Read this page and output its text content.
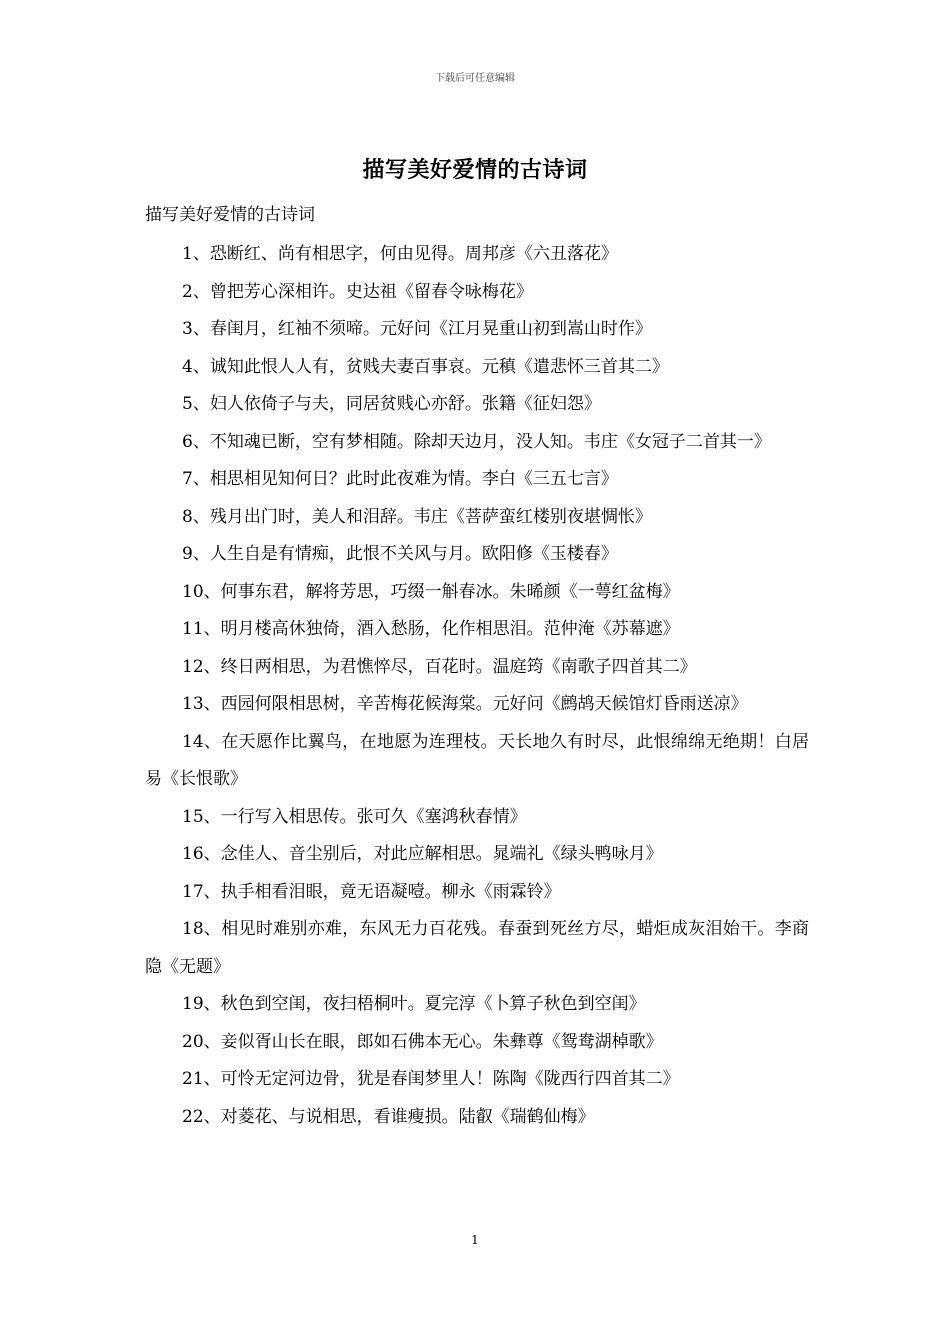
下载后可任意编辑
描写美好爱情的古诗词
描写美好爱情的古诗词
1、恐断红、尚有相思字，何由见得。周邦彦《六丑落花》
2、曾把芳心深相许。史达祖《留春令咏梅花》
3、春闺月，红袖不须啼。元好问《江月晃重山初到嵩山时作》
4、诚知此恨人人有，贫贱夫妻百事哀。元稹《遣悲怀三首其二》
5、妇人依倚子与夫，同居贫贱心亦舒。张籍《征妇怨》
6、不知魂已断，空有梦相随。除却天边月，没人知。韦庄《女冠子二首其一》
7、相思相见知何日？此时此夜难为情。李白《三五七言》
8、残月出门时，美人和泪辞。韦庄《菩萨蛮红楼别夜堪惆怅》
9、人生自是有情痴，此恨不关风与月。欧阳修《玉楼春》
10、何事东君，解将芳思，巧缀一斛春冰。朱晞颜《一萼红盆梅》
11、明月楼高休独倚，酒入愁肠，化作相思泪。范仲淹《苏幕遮》
12、终日两相思，为君憔悴尽，百花时。温庭筠《南歌子四首其二》
13、西园何限相思树，辛苦梅花候海棠。元好问《鹧鸪天候馆灯昏雨送凉》
14、在天愿作比翼鸟，在地愿为连理枝。天长地久有时尽，此恨绵绵无绝期！白居易《长恨歌》
15、一行写入相思传。张可久《塞鸿秋春情》
16、念佳人、音尘别后，对此应解相思。晁端礼《绿头鸭咏月》
17、执手相看泪眼，竟无语凝噎。柳永《雨霖铃》
18、相见时难别亦难，东风无力百花残。春蚕到死丝方尽，蜡炬成灰泪始干。李商隐《无题》
19、秋色到空闺，夜扫梧桐叶。夏完淳《卜算子秋色到空闺》
20、妾似胥山长在眼，郎如石佛本无心。朱彝尊《鸳鸯湖棹歌》
21、可怜无定河边骨，犹是春闺梦里人！陈陶《陇西行四首其二》
22、对菱花、与说相思，看谁瘦损。陆叡《瑞鹤仙梅》
1
